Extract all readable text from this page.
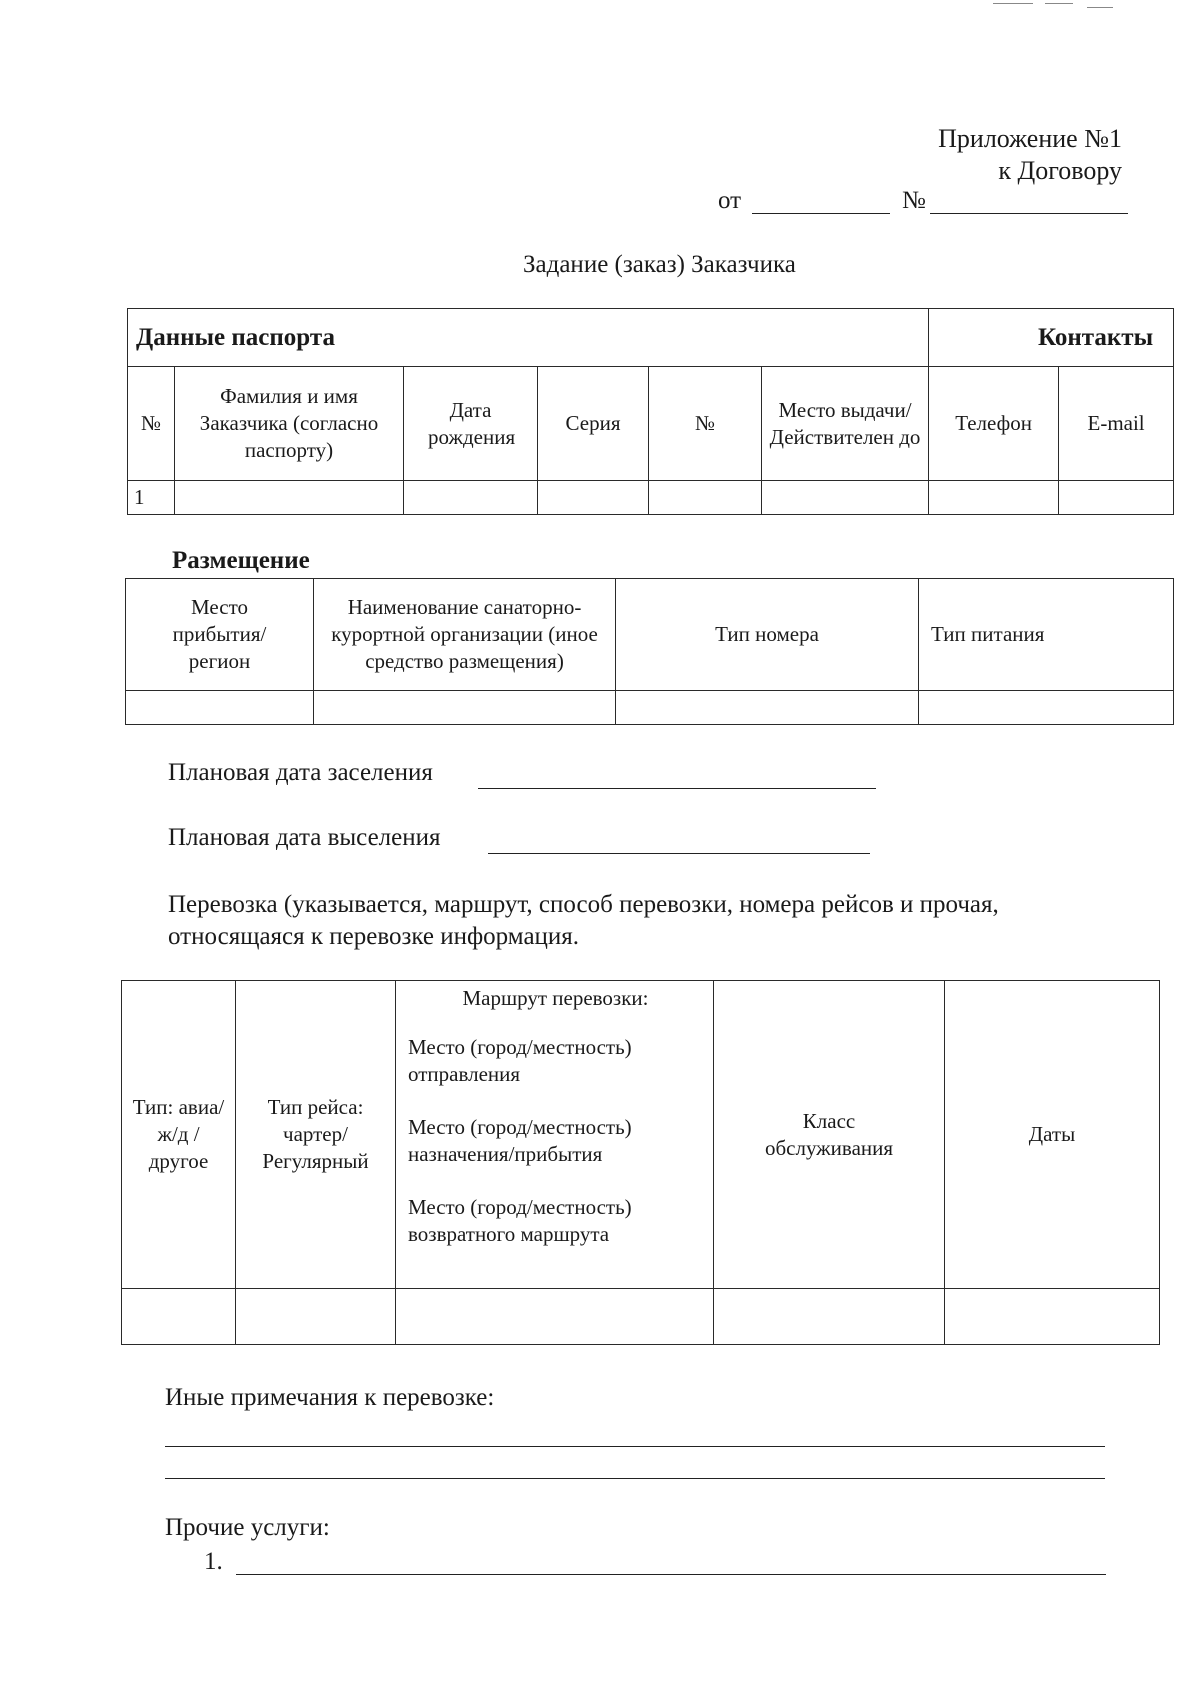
Приложение №1
к Договору
от	№
Задание (заказ) Заказчика
Данные паспорта						Контакты	
№	Фамилия и имя Заказчика (согласно паспорту)	Дата рождения	Серия	№	Место выдачи/ Действителен до	Телефон	E-mail
1							
Размещение
Место прибытия/ регион	Наименование санаторно-курортной организации (иное средство размещения)	Тип номера	Тип питания

Плановая дата заселения
Плановая дата выселения
Перевозка (указывается, маршрут, способ перевозки, номера рейсов и прочая,
относящаяся к перевозке информация.
Тип: авиа/ж/д / другое	Тип рейса: чартер/ Регулярный	Маршрут перевозки:
Место (город/местность) отправления
Место (город/местность) назначения/прибытия
Место (город/местность) возвратного маршрута	Класс обслуживания	Даты

Иные примечания к перевозке:
Прочие услуги:
1.
